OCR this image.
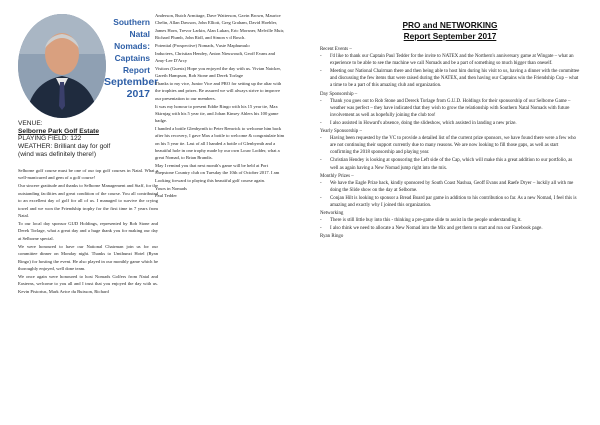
Southern
Natal
Nomads:
Captains
Report
September
2017
VENUE:
Selborne Park Golf Estate
PLAYING FIELD: 122
WEATHER: Brilliant day for golf
(wind was definitely there!)

Selborne golf course must be one of our top golf courses in Natal. What a well-manicured and gem of a golf course!

Our sincere gratitude and thanks to Selborne Management and Staff, for the outstanding facilities and great condition of the course. You all contributed to an excellent day of golf for all of us. I managed to survive the crying towel and we won the Friendship trophy for the first time in 7 years from Natal.

To our local day sponsor GUD Holdings, represented by Rob Stone and Derek Torlage, what a great day and a huge thank you for making our day at Selborne special.

We were honoured to have our National Chairman join us for our committee dinner on Monday night. Thanks to Umthunzi Hotel (Ryan Ringo) for hosting the event. He also played in our monthly game which he thoroughly enjoyed, well done team.

We once again were honoured to host Nomads Golfers from Natal and Easterns, welcome to you all and I trust that you enjoyed the day with us. Kevin Pistorius, Mark Avice du Buisson, Richard

Anderson, Butch Armitage, Dave Watterson, Gavin Brown, Maurice Chelin, Allan Dawson, John Elliott, Greg Graham, David Hoebler, James Horn, Trevor Larkin, Alan Lukan, Eric Morsner, Melville Muir, Richard Plumb, John Ridl, and Simon v d Bosch.

Potential (Prospective) Nomads, Vusie Maphumulo

Inductees, Christian Hendey, Anton Nieuwoudt, Geoff Evans and Amy-Lee D'Arcy

Visitors (Guests) Hope you enjoyed the day with us. Vivian Naicker, Gareth Hampson, Rob Stone and Derek Torlage

Thanks to my vice, Junior Vice and PRO for setting up the altar with the trophies and prizes. Be assured we will always strive to improve our presentation to our members.

It was my honour to present Eddie Ringo with his 15 year tie, Max Skirnjag with his 5 year tie, and Johan Kinsey Ahlers his 100 game badge.

I handed a bottle Glenbyrnth to Peter Renwick to welcome him back after his recovery, I gave Max a bottle to welcome & congratulate him on his 5 year tie. Last of all I handed a bottle of Glenbyrnth and a beautiful hole in one trophy made by our own Louw Lodder, what a great Nomad, to Brian Brandis.

May I remind you that next month's game will be held at Port Shepstone Country club on Tuesday the 10th of October 2017. I am Looking forward to playing this beautiful golf course again.

Yours in Nomads

Paul Tedder

PRO and NETWORKING
Report September 2017
Recent Events –
-	I'd like to thank our Captain Paul Tedder for the invite to NATEX and the Northern's anniversary game at Wingate – what an experience to be able to see the machine we call Nomads and be a part of something so much bigger than oneself.
-	Meeting our National Chairman there and then being able to host him during his visit to us, having a dinner with the committee and discussing the few items that were raised during the NATEX, and then having our Captains win the Friendship Cup – what a time to be a part of this amazing club and organization.
Day Sponsorship –
-	Thank you goes out to Rob Stone and Dereck Torlage from G.U.D. Holdings for their sponsorship of our Selborne Game – weather was perfect – they have indicated that they wish to grow the relationship with Southern Natal Nomads with future involvement as well as hopefully joining the club too!
-	I also assisted in Howard's absence, doing the slideshow, which assisted in landing a new prize.
Yearly Sponsorship –
-	Having been requested by the VC to provide a detailed list of the current prize sponsors, we have found there were a few who are not continuing their support currently due to many reasons. We are now looking to fill those gaps, as well as start confirming the 2018 sponsorship and playing year.
-	Christian Hendey is looking at sponsoring the Left side of the Cap, which will make this a great addition to our portfolio, as well as again having a New Nomad jump right into the mix.
Monthly Prizes –
-	We have the Eagle Prize back, kindly sponsored by South Coast Nashua, Geoff Evans and Raefe Dryer – luckily all with me doing the Slide show on the day at Selborne.
-	Conjan Hilt is looking to sponsor a Bread Board par game in addition to his contribution so far. As a new Nomad, I feel this is amazing and exactly why I joined this organization.
Networking
-	There is still little buy into this - thinking a pre-game slide to assist in the people understanding it.
-	I also think we need to allocate a New Nomad into the Mix and get them to start and run our Facebook page.
Ryan Ringo
